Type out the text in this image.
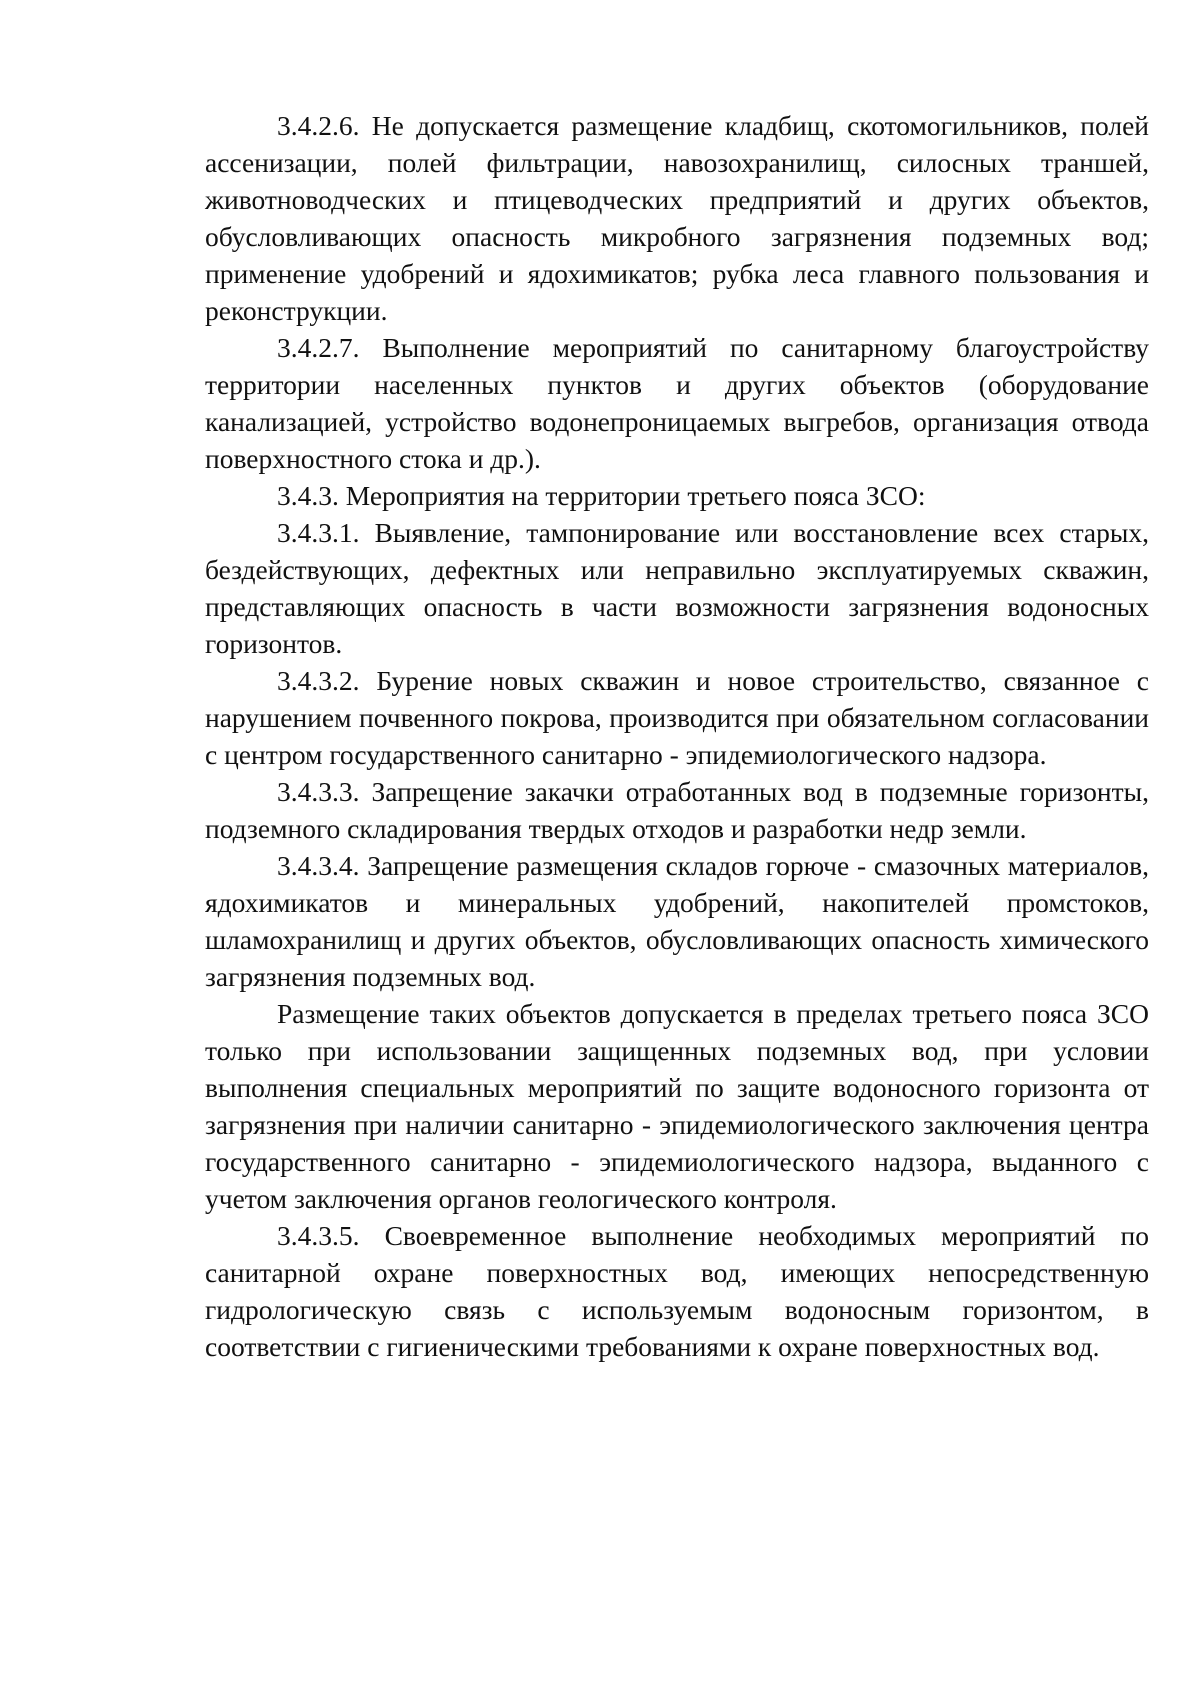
3.4.2.6. Не допускается размещение кладбищ, скотомогильников, полей ассенизации, полей фильтрации, навозохранилищ, силосных траншей, животноводческих и птицеводческих предприятий и других объектов, обусловливающих опасность микробного загрязнения подземных вод; применение удобрений и ядохимикатов; рубка леса главного пользования и реконструкции.

3.4.2.7. Выполнение мероприятий по санитарному благоустройству территории населенных пунктов и других объектов (оборудование канализацией, устройство водонепроницаемых выгребов, организация отвода поверхностного стока и др.).

3.4.3. Мероприятия на территории третьего пояса ЗСО:

3.4.3.1. Выявление, тампонирование или восстановление всех старых, бездействующих, дефектных или неправильно эксплуатируемых скважин, представляющих опасность в части возможности загрязнения водоносных горизонтов.

3.4.3.2. Бурение новых скважин и новое строительство, связанное с нарушением почвенного покрова, производится при обязательном согласовании с центром государственного санитарно - эпидемиологического надзора.

3.4.3.3. Запрещение закачки отработанных вод в подземные горизонты, подземного складирования твердых отходов и разработки недр земли.

3.4.3.4. Запрещение размещения складов горюче - смазочных материалов, ядохимикатов и минеральных удобрений, накопителей промстоков, шламохранилищ и других объектов, обусловливающих опасность химического загрязнения подземных вод.

Размещение таких объектов допускается в пределах третьего пояса ЗСО только при использовании защищенных подземных вод, при условии выполнения специальных мероприятий по защите водоносного горизонта от загрязнения при наличии санитарно - эпидемиологического заключения центра государственного санитарно - эпидемиологического надзора, выданного с учетом заключения органов геологического контроля.

3.4.3.5. Своевременное выполнение необходимых мероприятий по санитарной охране поверхностных вод, имеющих непосредственную гидрологическую связь с используемым водоносным горизонтом, в соответствии с гигиеническими требованиями к охране поверхностных вод.
